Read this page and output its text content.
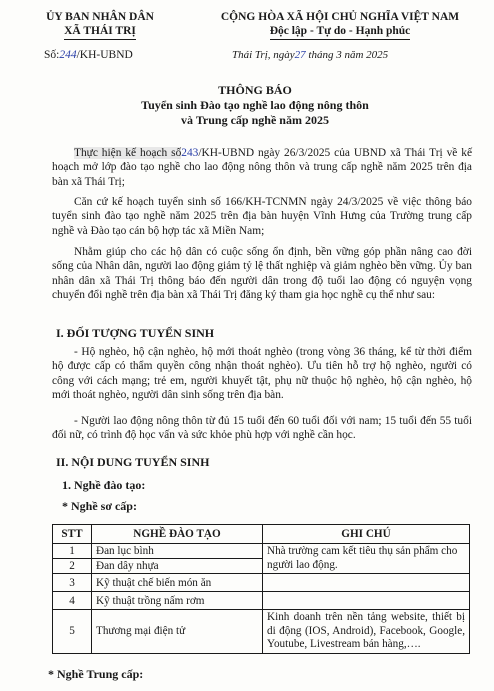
ỦY BAN NHÂN DÂN
XÃ THÁI TRỊ
CỘNG HÒA XÃ HỘI CHỦ NGHĨA VIỆT NAM
Độc lập - Tự do - Hạnh phúc
Số:244/KH-UBND	Thái Trị, ngày27 tháng 3 năm 2025
THÔNG BÁO
Tuyển sinh Đào tạo nghề lao động nông thôn
và Trung cấp nghề năm 2025
Thực hiện kế hoạch số243/KH-UBND ngày 26/3/2025 của UBND xã Thái Trị về kế hoạch mở lớp đào tạo nghề cho lao động nông thôn và trung cấp nghề năm 2025 trên địa bàn xã Thái Trị;
Căn cứ kế hoạch tuyển sinh số 166/KH-TCNMN ngày 24/3/2025 về việc thông báo tuyển sinh đào tạo nghề năm 2025 trên địa bàn huyện Vĩnh Hưng của Trường trung cấp nghề và Đào tạo cán bộ hợp tác xã Miền Nam;
Nhằm giúp cho các hộ dân có cuộc sống ổn định, bền vững góp phần nâng cao đời sống của Nhân dân, người lao động giảm tỷ lệ thất nghiệp và giảm nghèo bền vững. Ủy ban nhân dân xã Thái Trị thông báo đến người dân trong độ tuổi lao động có nguyện vọng chuyển đổi nghề trên địa bàn xã Thái Trị đăng ký tham gia học nghề cụ thể như sau:
I. ĐỐI TƯỢNG TUYỂN SINH
- Hộ nghèo, hộ cận nghèo, hộ mới thoát nghèo (trong vòng 36 tháng, kể từ thời điểm hộ được cấp có thẩm quyền công nhận thoát nghèo). Ưu tiên hỗ trợ hộ nghèo, người có công với cách mạng; trẻ em, người khuyết tật, phụ nữ thuộc hộ nghèo, hộ cận nghèo, hộ mới thoát nghèo, người dân sinh sống trên địa bàn.
- Người lao động nông thôn từ đủ 15 tuổi đến 60 tuổi đối với nam; 15 tuổi đến 55 tuổi đối nữ, có trình độ học vấn và sức khỏe phù hợp với nghề cần học.
II. NỘI DUNG TUYỂN SINH
1. Nghề đào tạo:
* Nghề sơ cấp:
STT	NGHỀ ĐÀO TẠO	GHI CHÚ
1	Đan lục bình	Nhà trường cam kết tiêu thụ sản phẩm cho người lao động.
2	Đan dây nhựa	
3	Kỹ thuật chế biến món ăn	
4	Kỹ thuật trồng nấm rơm	
5	Thương mại điện tử	Kinh doanh trên nền tảng website, thiết bị di động (IOS, Android), Facebook, Google, Youtube, Livestream bán hàng,….
* Nghề Trung cấp:
